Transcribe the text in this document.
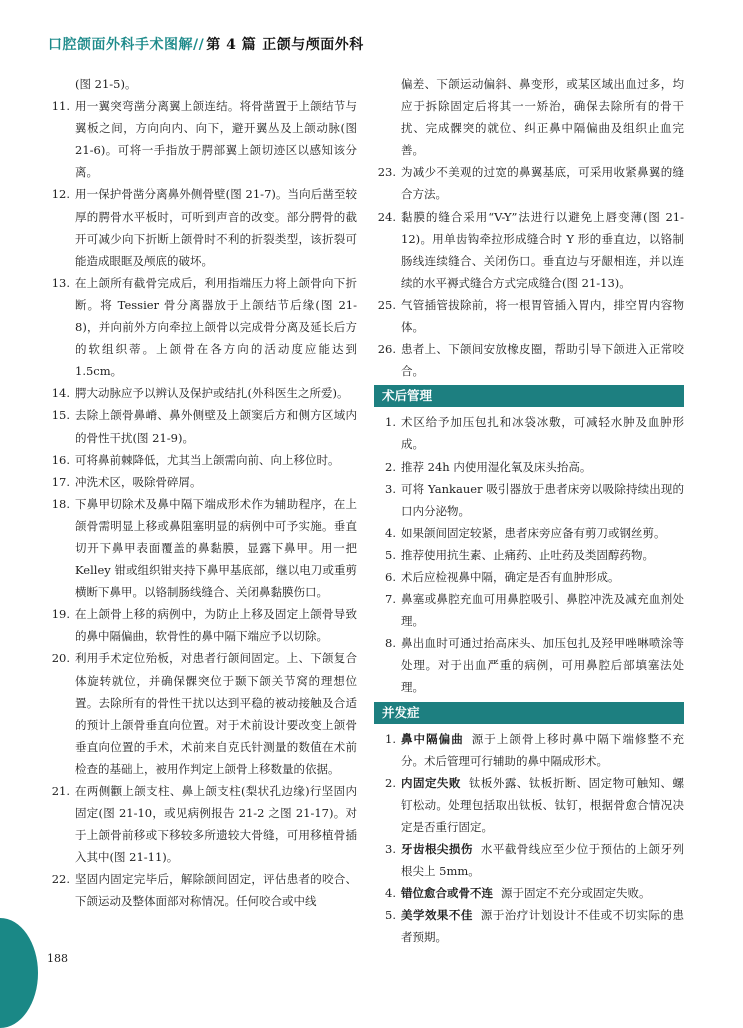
口腔颌面外科手术图解// 第 4 篇 正颌与颅面外科
(图 21-5)。
11. 用一翼突弯凿分离翼上颌连结。将骨凿置于上颌结节与翼板之间，方向向内、向下，避开翼丛及上颌动脉(图 21-6)。可将一手指放于腭部翼上颌切迹区以感知该分离。
12. 用一保护骨凿分离鼻外侧骨壁(图 21-7)。当向后凿至较厚的腭骨水平板时，可听到声音的改变。部分腭骨的截开可减少向下折断上颌骨时不利的折裂类型，该折裂可能造成眼眶及颅底的破坏。
13. 在上颌所有截骨完成后，利用指端压力将上颌骨向下折断。将 Tessier 骨分离器放于上颌结节后缘(图 21-8)，并向前外方向牵拉上颌骨以完成骨分离及延长后方的软组织蒂。上颌骨在各方向的活动度应能达到 1.5cm。
14. 腭大动脉应予以辨认及保护或结扎(外科医生之所爱)。
15. 去除上颌骨鼻嵴、鼻外侧壁及上颌窦后方和侧方区域内的骨性干扰(图 21-9)。
16. 可将鼻前棘降低，尤其当上颌需向前、向上移位时。
17. 冲洗术区，吸除骨碎屑。
18. 下鼻甲切除术及鼻中隔下端成形术作为辅助程序，在上颌骨需明显上移或鼻阻塞明显的病例中可予实施。垂直切开下鼻甲表面覆盖的鼻黏膜，显露下鼻甲。用一把 Kelley 钳或组织钳夹持下鼻甲基底部，继以电刀或重剪横断下鼻甲。以铬制肠线缝合、关闭鼻黏膜伤口。
19. 在上颌骨上移的病例中，为防止上移及固定上颌骨导致的鼻中隔偏曲，软骨性的鼻中隔下端应予以切除。
20. 利用手术定位殆板，对患者行颌间固定。上、下颌复合体旋转就位，并确保髁突位于颞下颌关节窝的理想位置。去除所有的骨性干扰以达到平稳的被动接触及合适的预计上颌骨垂直向位置。对于术前设计要改变上颌骨垂直向位置的手术，术前来自克氏针测量的数值在术前检查的基础上，被用作判定上颌骨上移数量的依据。
21. 在两侧颧上颌支柱、鼻上颌支柱(梨状孔边缘)行坚固内固定(图 21-10，或见病例报告 21-2 之图 21-17)。对于上颌骨前移或下移较多所遗较大骨缝，可用移植骨插入其中(图 21-11)。
22. 坚固内固定完毕后，解除颌间固定，评估患者的咬合、下颌运动及整体面部对称情况。任何咬合或中线
偏差、下颌运动偏斜、鼻变形，或某区域出血过多，均应于拆除固定后将其一一矫治，确保去除所有的骨干扰、完成髁突的就位、纠正鼻中隔偏曲及组织止血完善。
23. 为减少不美观的过宽的鼻翼基底，可采用收紧鼻翼的缝合方法。
24. 黏膜的缝合采用“V-Y”法进行以避免上唇变薄(图 21-12)。用单齿钩牵拉形成缝合时 Y 形的垂直边，以铬制肠线连续缝合、关闭伤口。垂直边与牙龈相连，并以连续的水平褥式缝合方式完成缝合(图 21-13)。
25. 气管插管拔除前，将一根胃管插入胃内，排空胃内容物体。
26. 患者上、下颌间安放橡皮圈，帮助引导下颌进入正常咬合。
术后管理
1. 术区给予加压包扎和冰袋冰敷，可减轻水肿及血肿形成。
2. 推荐 24h 内使用湿化氧及床头抬高。
3. 可将 Yankauer 吸引器放于患者床旁以吸除持续出现的口内分泌物。
4. 如果颌间固定较紧，患者床旁应备有剪刀或钢丝剪。
5. 推荐使用抗生素、止痛药、止吐药及类固醇药物。
6. 术后应检视鼻中隔，确定是否有血肿形成。
7. 鼻塞或鼻腔充血可用鼻腔吸引、鼻腔冲洗及减充血剂处理。
8. 鼻出血时可通过抬高床头、加压包扎及羟甲唑啉喷涂等处理。对于出血严重的病例，可用鼻腔后部填塞法处理。
并发症
1. 鼻中隔偏曲 源于上颌骨上移时鼻中隔下端修整不充分。术后管理可行辅助的鼻中隔成形术。
2. 内固定失败 钛板外露、钛板折断、固定物可触知、螺钉松动。处理包括取出钛板、钛钉，根据骨愈合情况决定是否重行固定。
3. 牙齿根尖损伤 水平截骨线应至少位于预估的上颌牙列根尖上 5mm。
4. 错位愈合或骨不连 源于固定不充分或固定失败。
5. 美学效果不佳 源于治疗计划设计不佳或不切实际的患者预期。
188
